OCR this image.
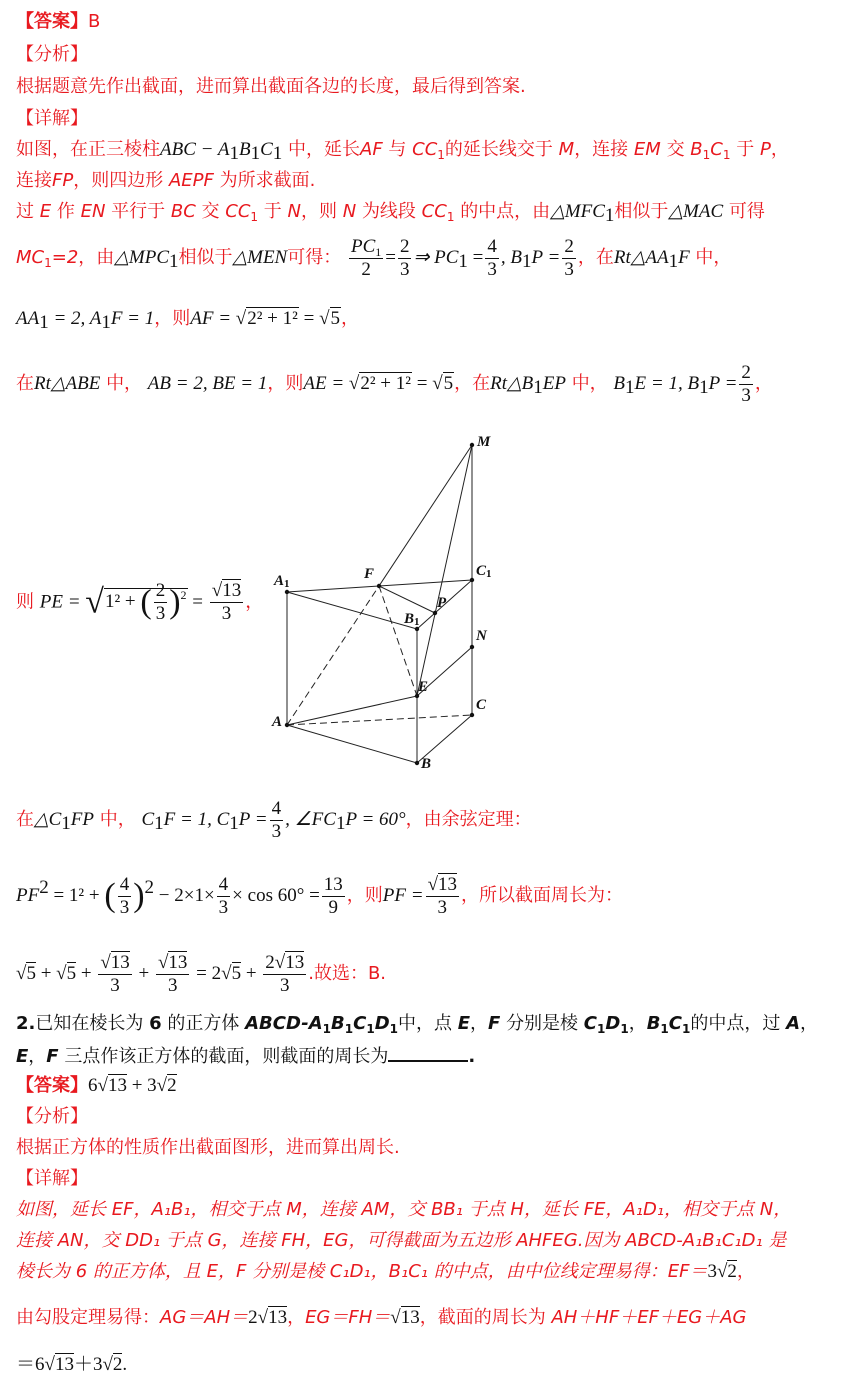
【答案】B
【分析】
根据题意先作出截面，进而算出截面各边的长度，最后得到答案.
【详解】
如图，在正三棱柱ABC − $A_1B_1C_1$ 中，延长AF 与 $CC_1$的延长线交于 M，连接 EM 交 $B_1C_1$ 于 P，
连接FP，则四边形 AEPF 为所求截面.
过 E 作 EN 平行于 BC 交 $CC_1$ 于 N，则 N 为线段 $CC_1$ 的中点，由$\triangle MFC_1$相似于△MAC 可得
$MC_1=2$，由$\triangle MPC_1$相似于△MEN可得： $\frac{PC_1}{2} = \frac{2}{3}$ ⇒ $PC_1 = \frac{4}{3}$ , $B_1P = \frac{2}{3}$ ，在$Rt\triangle AA_1F$ 中，
$AA_1 = 2$, $A_1F = 1$，则AF = √2² + 1² = √5，
在Rt△ABE 中， AB = 2, BE = 1，则AE = √2² + 1² = √5，在$Rt\triangle B_1EP$ 中， $B_1E = 1$, $B_1P = \frac{2}{3}$ ，
则 PE = √1² + ( $\frac{2}{3} )^2 = \frac{√13}{3}$ ，
M
C1
A1
F
P
B1
N
E
C
A
B
在$\triangle C_1FP$ 中， $C_1F = 1$, $C_1P = \frac{4}{3}$ , $\angle FC_1P = 60^\circ$，由余弦定理：
$PF^2 = 1^2$ + ( $\frac{4}{3} )^2 - 2\times 1\times \frac{4}{3} \times \cos 60^\circ = \frac{13}{9}$ ，则PF = $\frac{√13}{3}$ ，所以截面周长为：
$√5 + √5 + \frac{√13}{3} + \frac{√13}{3} = 2√5 + \frac{2√13}{3}$ .故选：B.
2.已知在棱长为 6 的正方体 ABCD-$A_1B_1C_1D_1$中，点 E，F 分别是棱 $C_1D_1$，$B_1C_1$的中点，过 A，
E，F 三点作该正方体的截面，则截面的周长为	.
【答案】6√13 + 3√2
【分析】
根据正方体的性质作出截面图形，进而算出周长.
【详解】
如图，延长 EF，A₁B₁，相交于点 M，连接 AM，交 BB₁ 于点 H，延长 FE，A₁D₁，相交于点 N，
连接 AN，交 DD₁ 于点 G，连接 FH，EG，可得截面为五边形 AHFEG.因为 ABCD-A₁B₁C₁D₁ 是
棱长为 6 的正方体，且 E，F 分别是棱 C₁D₁，B₁C₁ 的中点，由中位线定理易得：EF＝3√2，
由勾股定理易得：AG＝AH＝2√13，EG＝FH＝√13，截面的周长为 AH＋HF＋EF＋EG＋AG
＝6√13＋3√2.
